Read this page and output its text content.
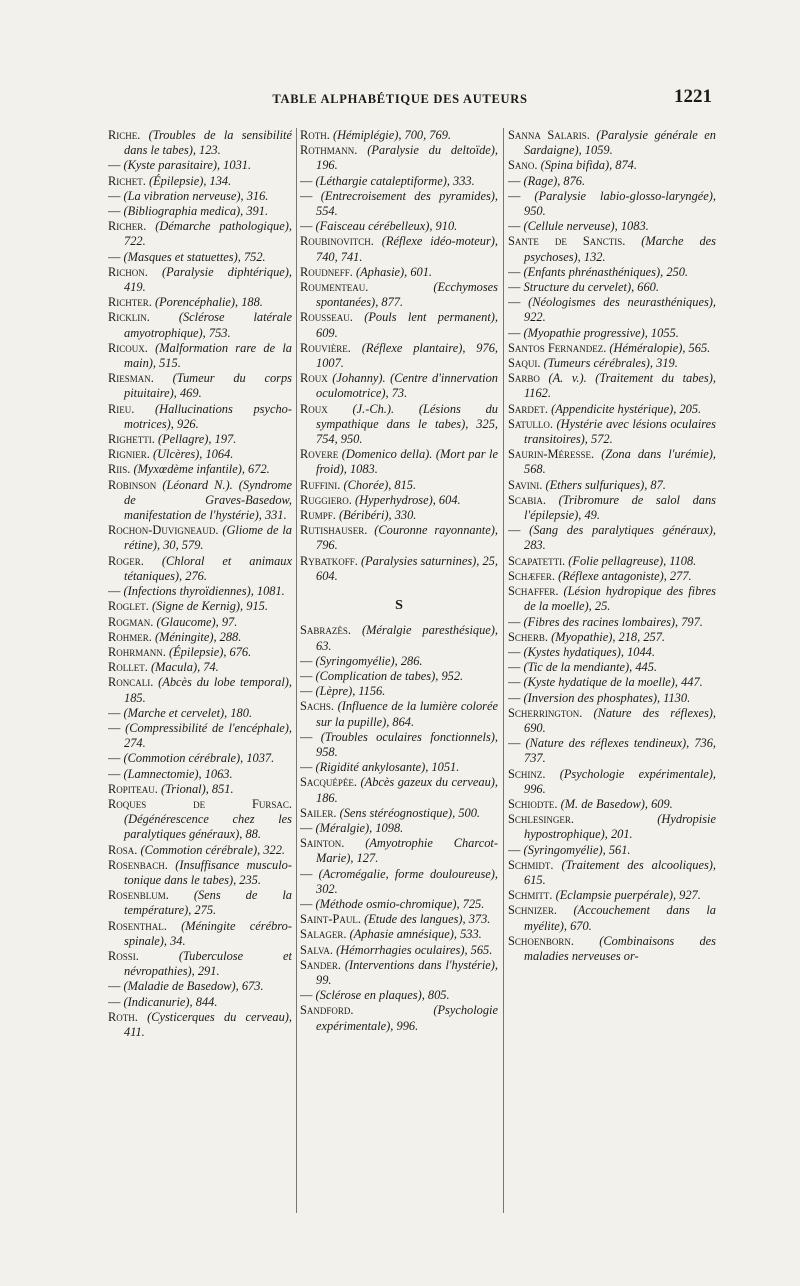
TABLE ALPHABÉTIQUE DES AUTEURS	1221

Riche. (Troubles de la sensibilité dans le tabes), 123.

— (Kyste parasitaire), 1031.

Richet. (Épilepsie), 134.

— (La vibration nerveuse), 316.

— (Bibliographia medica), 391.

Richer. (Démarche pathologique), 722.

— (Masques et statuettes), 752.

Richon. (Paralysie diphtérique), 419.

Richter. (Porencéphalie), 188.

Ricklin. (Sclérose latérale amyotrophique), 753.

Ricoux. (Malformation rare de la main), 515.

Riesman. (Tumeur du corps pituitaire), 469.

Rieu. (Hallucinations psycho-motrices), 926.

Righetti. (Pellagre), 197.

Rignier. (Ulcères), 1064.

Riis. (Myxœdème infantile), 672.

Robinson (Léonard N.). (Syndrome de Graves-Basedow, manifestation de l'hystérie), 331.

Rochon-Duvigneaud. (Gliome de la rétine), 30, 579.

Roger. (Chloral et animaux tétaniques), 276.

— (Infections thyroïdiennes), 1081.

Roglet. (Signe de Kernig), 915.

Rogman. (Glaucome), 97.

Rohmer. (Méningite), 288.

Rohrmann. (Épilepsie), 676.

Rollet. (Macula), 74.

Roncali. (Abcès du lobe temporal), 185.

— (Marche et cervelet), 180.

— (Compressibilité de l'encéphale), 274.

— (Commotion cérébrale), 1037.

— (Lamnectomie), 1063.

Ropiteau. (Trional), 851.

Roques de Fursac. (Dégénérescence chez les paralytiques généraux), 88.

Rosa. (Commotion cérébrale), 322.

Rosenbach. (Insuffisance musculo-tonique dans le tabes), 235.

Rosenblum. (Sens de la température), 275.

Rosenthal. (Méningite cérébro-spinale), 34.

Rossi.	(Tuberculose et névropathies), 291.

— (Maladie de Basedow), 673.

— (Indicanurie), 844.

Roth. (Cysticerques du cerveau), 411.

Roth. (Hémiplégie), 700, 769.

Rothmann. (Paralysie du deltoïde), 196.

— (Léthargie cataleptiforme), 333.

— (Entrecroisement des pyramides), 554.

— (Faisceau cérébelleux), 910.

Roubinovitch. (Réflexe idéo-moteur), 740, 741.

Roudneff. (Aphasie), 601.

Roumenteau.	(Ecchymoses spontanées), 877.

Rousseau. (Pouls lent permanent), 609.

Rouvière. (Réflexe plantaire), 976, 1007.

Roux (Johanny). (Centre d'innervation oculomotrice), 73.

Roux (J.-Ch.). (Lésions du sympathique dans le tabes), 325, 754, 950.

Rovere (Domenico della). (Mort par le froid), 1083.

Ruffini. (Chorée), 815.

Ruggiero. (Hyperhydrose), 604.

Rumpf. (Béribéri), 330.

Rutishauser. (Couronne rayonnante), 796.

Rybatkoff. (Paralysies saturnines), 25, 604.

S

Sabrazès. (Méralgie paresthésique), 63.

— (Syringomyélie), 286.

— (Complication de tabes), 952.

— (Lèpre), 1156.

Sachs. (Influence de la lumière colorée sur la pupille), 864.

— (Troubles oculaires fonctionnels), 958.

— (Rigidité ankylosante), 1051.

Sacquépée. (Abcès gazeux du cerveau), 186.

Sailer. (Sens stéréognostique), 500.

— (Méralgie), 1098.

Sainton. (Amyotrophie Charcot-Marie), 127.

— (Acromégalie, forme douloureuse), 302.

— (Méthode osmio-chromique), 725.

Saint-Paul. (Etude des langues), 373.

Salager. (Aphasie amnésique), 533.

Salva. (Hémorrhagies oculaires), 565.

Sander. (Interventions dans l'hystérie), 99.

— (Sclérose en plaques), 805.

Sandford.	(Psychologie expérimentale), 996.

Sanna Salaris. (Paralysie générale en Sardaigne), 1059.

Sano. (Spina bifida), 874.

— (Rage), 876.

— (Paralysie labio-glosso-laryngée), 950.

— (Cellule nerveuse), 1083.

Sante de Sanctis. (Marche des psychoses), 132.

— (Enfants phrénasthéniques), 250.

— Structure du cervelet), 660.

— (Néologismes des neurasthéniques), 922.

— (Myopathie progressive), 1055.

Santos Fernandez. (Héméralopie), 565.

Saqui. (Tumeurs cérébrales), 319.

Sarbo (A. v.). (Traitement du tabes), 1162.

Sardet. (Appendicite hystérique), 205.

Satullo. (Hystérie avec lésions oculaires transitoires), 572.

Saurin-Méresse. (Zona dans l'urémie), 568.

Savini. (Ethers sulfuriques), 87.

Scabia. (Tribromure de salol dans l'épilepsie), 49.

— (Sang des paralytiques généraux), 283.

Scapatetti. (Folie pellagreuse), 1108.

Schæfer. (Réflexe antagoniste), 277.

Schaffer. (Lésion hydropique des fibres de la moelle), 25.

— (Fibres des racines lombaires), 797.

Scherb. (Myopathie), 218, 257.

— (Kystes hydatiques), 1044.

— (Tic de la mendiante), 445.

— (Kyste hydatique de la moelle), 447.

— (Inversion des phosphates), 1130.

Scherrington. (Nature des réflexes), 690.

— (Nature des réflexes tendineux), 736, 737.

Schinz. (Psychologie expérimentale), 996.

Schiodte. (M. de Basedow), 609.

Schlesinger.	(Hydropisie hypostrophique), 201.

— (Syringomyélie), 561.

Schmidt. (Traitement des alcooliques), 615.

Schmitt. (Eclampsie puerpérale), 927.

Schnizer. (Accouchement dans la myélite), 670.

Schoenborn. (Combinaisons des maladies nerveuses or-
